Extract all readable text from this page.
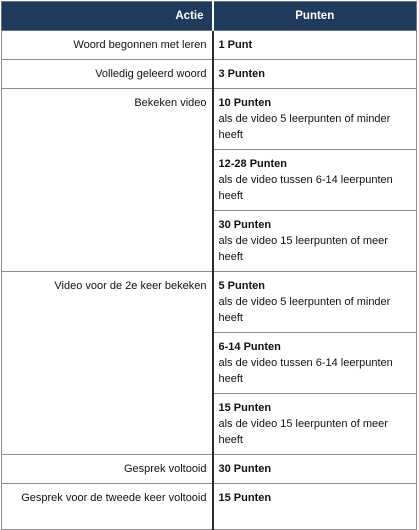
Actie	Punten
Woord begonnen met leren	1 Punt

Volledig geleerd woord	3 Punten

Bekeken video	10 Punten
als de video 5 leerpunten of minder heeft

	12-28 Punten
als de video tussen 6-14 leerpunten heeft

	30 Punten
als de video 15 leerpunten of meer heeft

Video voor de 2e keer bekeken	5 Punten
als de video 5 leerpunten of minder heeft

	6-14 Punten
als de video tussen 6-14 leerpunten heeft

	15 Punten
als de video 15 leerpunten of meer heeft

Gesprek voltooid	30 Punten

Gesprek voor de tweede keer voltooid	15 Punten
